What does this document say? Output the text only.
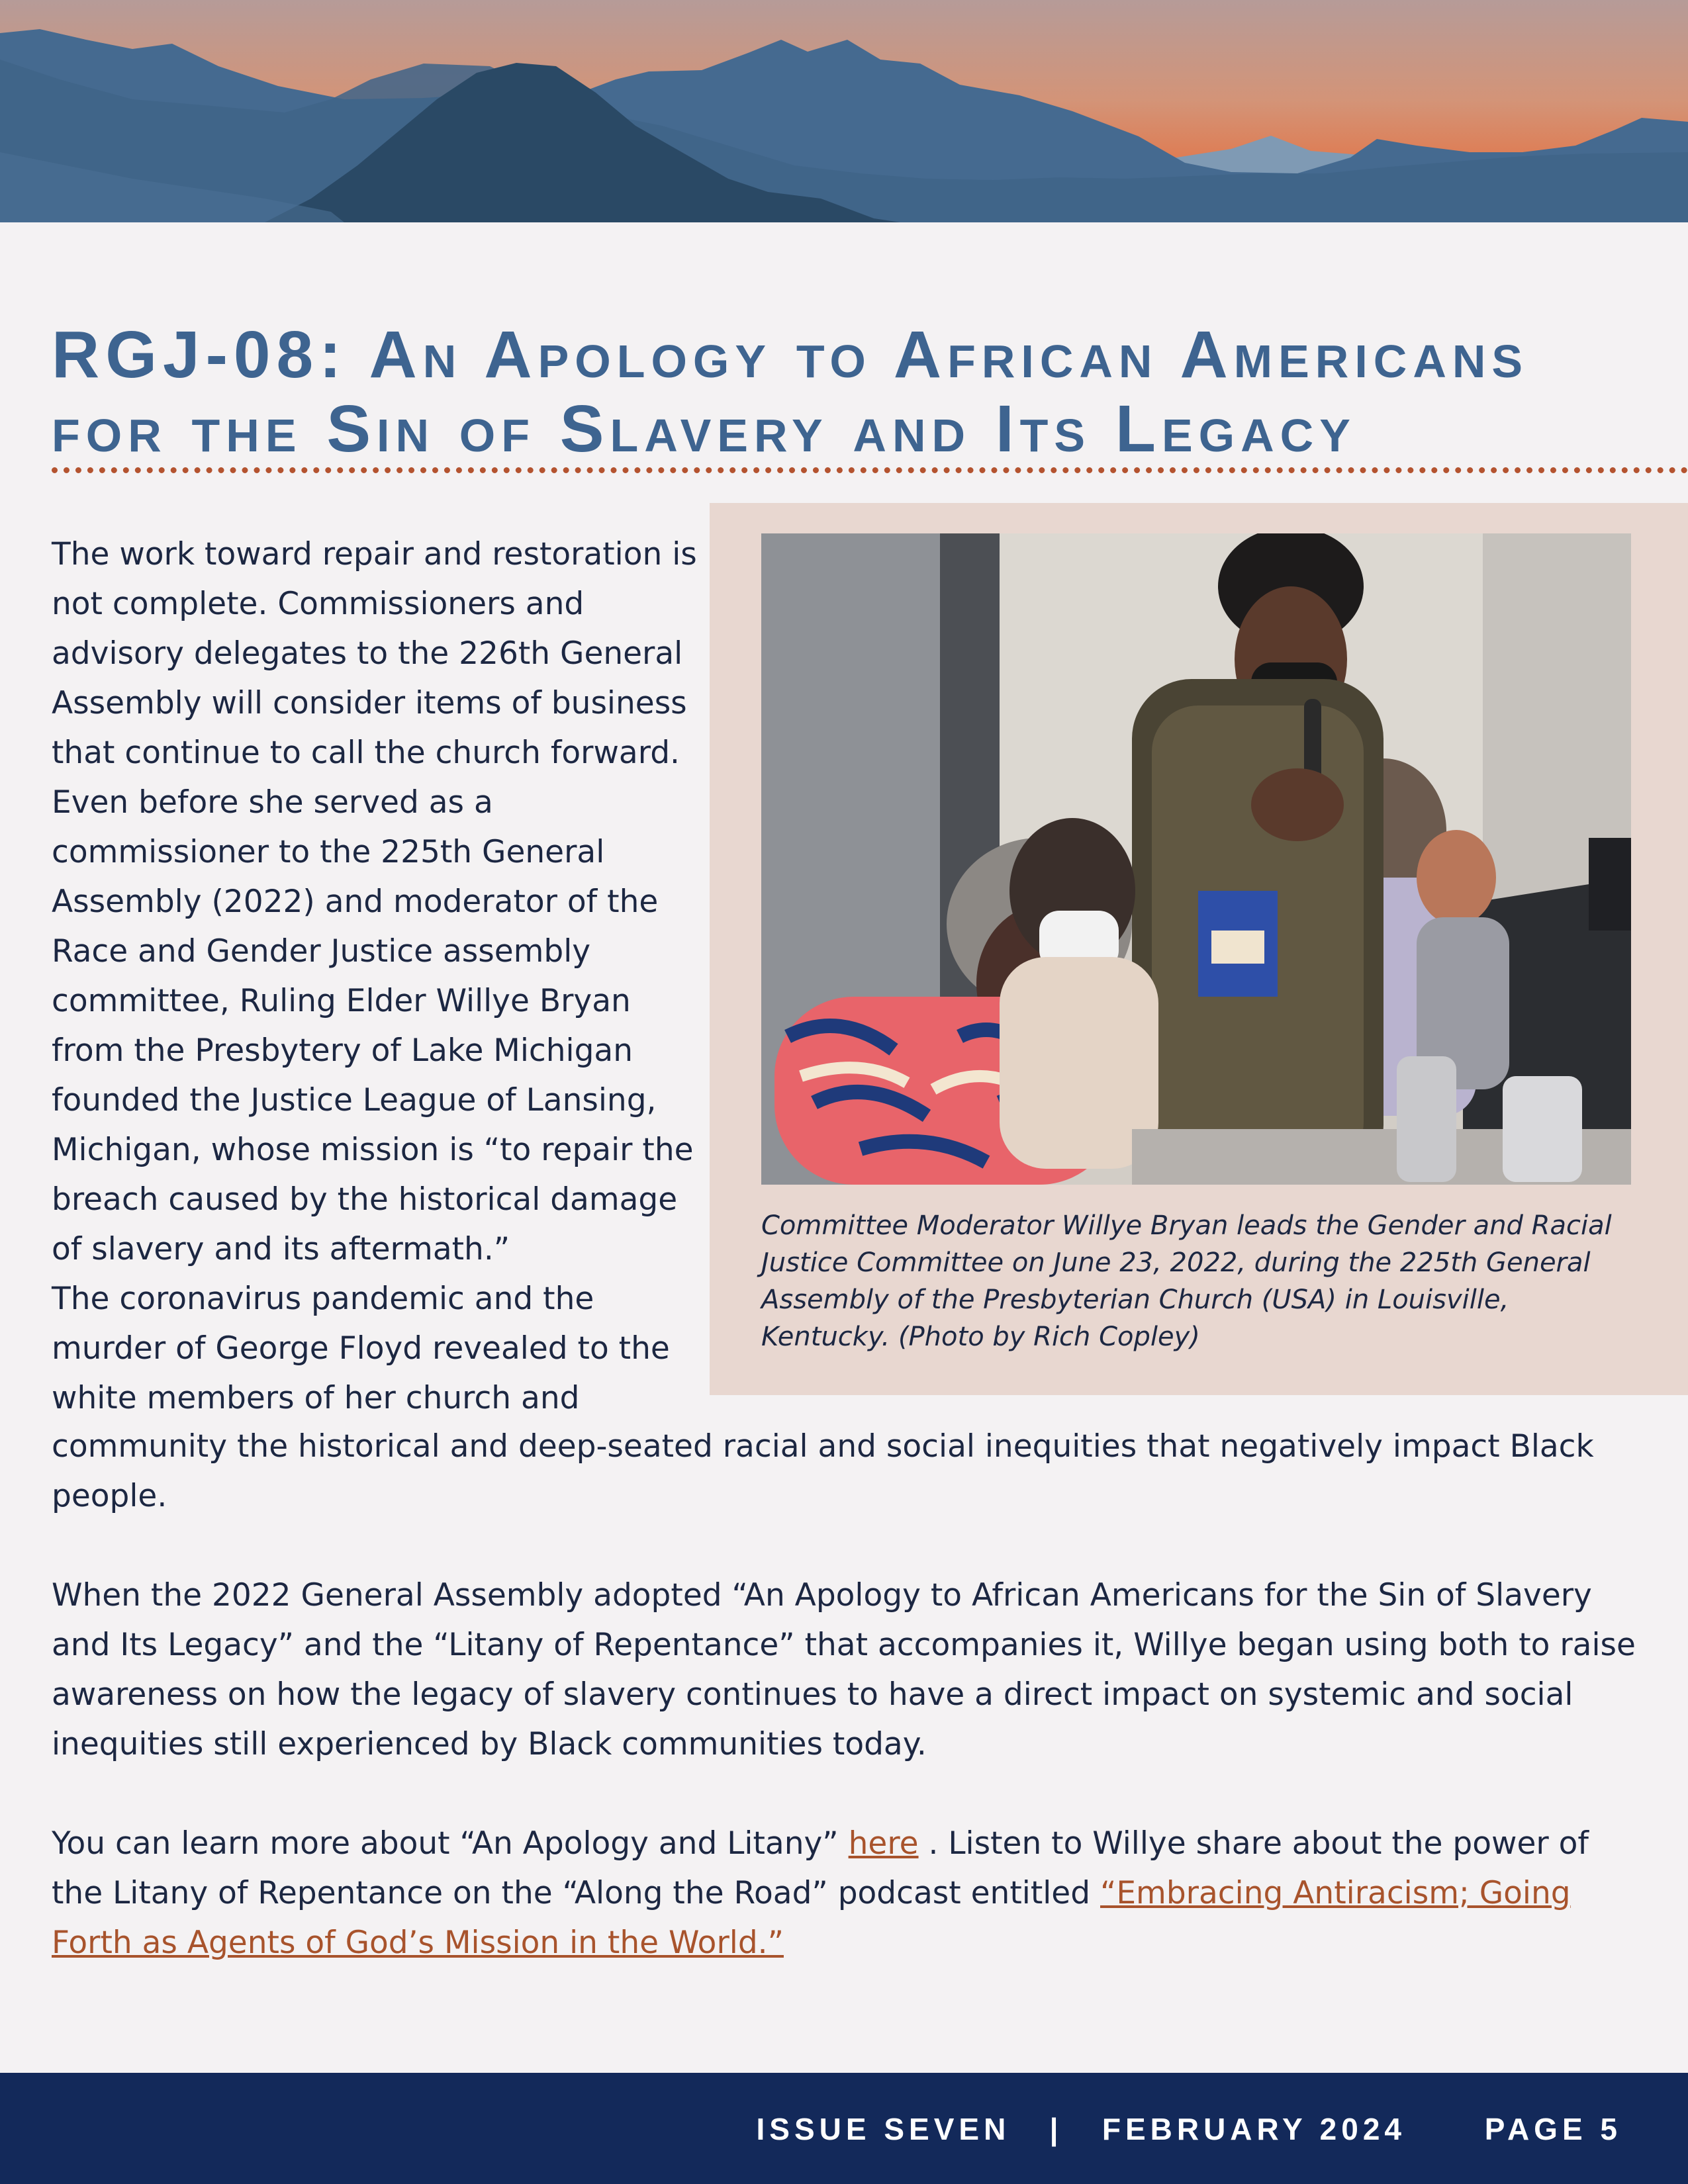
RGJ-08: An Apology to African Americans
for the Sin of Slavery and Its Legacy
The work toward repair and restoration is not complete. Commissioners and advisory delegates to the 226th General Assembly will consider items of business that continue to call the church forward.
Even before she served as a commissioner to the 225th General Assembly (2022) and moderator of the Race and Gender Justice assembly committee, Ruling Elder Willye Bryan from the Presbytery of Lake Michigan founded the Justice League of Lansing, Michigan, whose mission is “to repair the breach caused by the historical damage of slavery and its aftermath.”
The coronavirus pandemic and the murder of George Floyd revealed to the white members of her church and

Committee Moderator Willye Bryan leads the Gender and Racial Justice Committee on June 23, 2022, during the 225th General Assembly of the Presbyterian Church (USA) in Louisville, Kentucky. (Photo by Rich Copley)

community the historical and deep-seated racial and social inequities that negatively impact Black people.
When the 2022 General Assembly adopted “An Apology to African Americans for the Sin of Slavery and Its Legacy” and the “Litany of Repentance” that accompanies it, Willye began using both to raise awareness on how the legacy of slavery continues to have a direct impact on systemic and social inequities still experienced by Black communities today.
You can learn more about “An Apology and Litany” here . Listen to Willye share about the power of the Litany of Repentance on the “Along the Road” podcast entitled “Embracing Antiracism; Going Forth as Agents of God’s Mission in the World.”
ISSUE SEVEN | FEBRUARY 2024	PAGE 5
